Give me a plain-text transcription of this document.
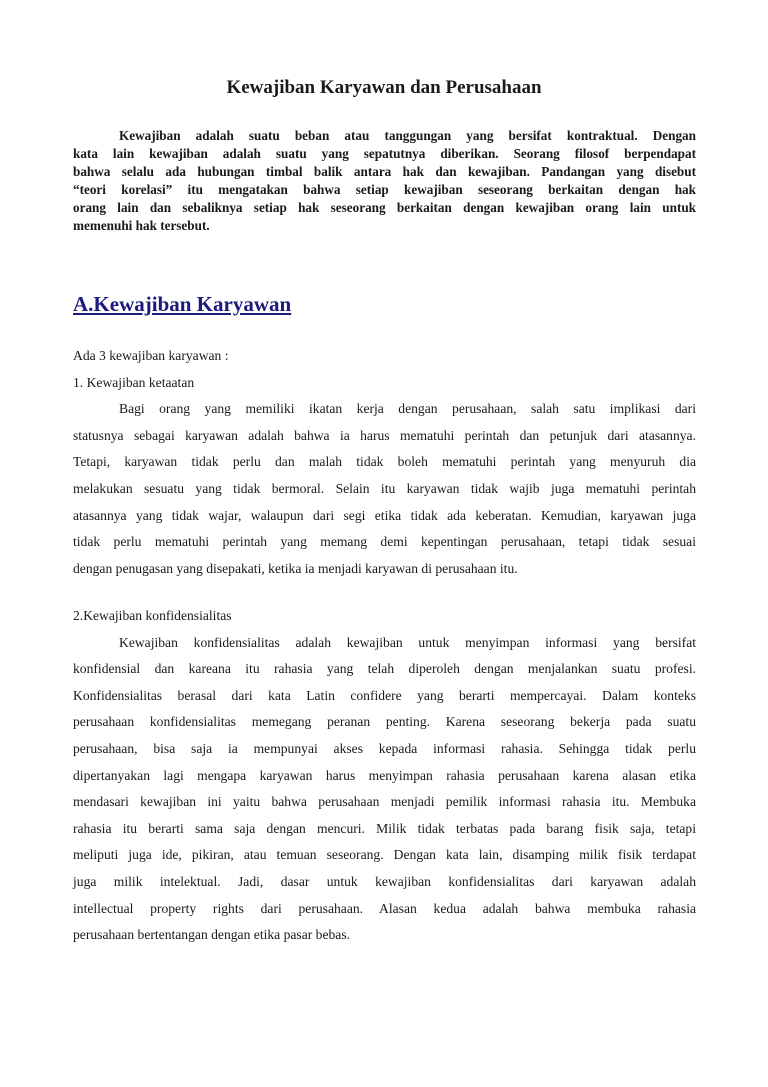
Kewajiban Karyawan dan Perusahaan
Kewajiban adalah suatu beban atau tanggungan yang bersifat kontraktual. Dengan
kata lain kewajiban adalah suatu yang sepatutnya diberikan. Seorang filosof berpendapat
bahwa selalu ada hubungan timbal balik antara hak dan kewajiban. Pandangan yang disebut
“teori korelasi” itu mengatakan bahwa setiap kewajiban seseorang berkaitan dengan hak
orang lain dan sebaliknya setiap hak seseorang berkaitan dengan kewajiban orang lain untuk
memenuhi hak tersebut.
A.Kewajiban Karyawan
Ada 3 kewajiban karyawan :
1. Kewajiban ketaatan
Bagi orang yang memiliki ikatan kerja dengan perusahaan, salah satu implikasi dari
statusnya sebagai karyawan adalah bahwa ia harus mematuhi perintah dan petunjuk dari atasannya.
Tetapi, karyawan tidak perlu dan malah tidak boleh mematuhi perintah yang menyuruh dia
melakukan sesuatu yang tidak bermoral. Selain itu karyawan tidak wajib juga mematuhi perintah
atasannya yang tidak wajar, walaupun dari segi etika tidak ada keberatan. Kemudian, karyawan juga
tidak perlu mematuhi perintah yang memang demi kepentingan perusahaan, tetapi tidak sesuai
dengan penugasan yang disepakati, ketika ia menjadi karyawan di perusahaan itu.
2.Kewajiban konfidensialitas
Kewajiban konfidensialitas adalah kewajiban untuk menyimpan informasi yang bersifat
konfidensial dan kareana itu rahasia yang telah diperoleh dengan menjalankan suatu profesi.
Konfidensialitas berasal dari kata Latin confidere yang berarti mempercayai. Dalam konteks
perusahaan konfidensialitas memegang peranan penting. Karena seseorang bekerja pada suatu
perusahaan, bisa saja ia mempunyai akses kepada informasi rahasia. Sehingga tidak perlu
dipertanyakan lagi mengapa karyawan harus menyimpan rahasia perusahaan karena alasan etika
mendasari kewajiban ini yaitu bahwa perusahaan menjadi pemilik informasi rahasia itu. Membuka
rahasia itu berarti sama saja dengan mencuri. Milik tidak terbatas pada barang fisik saja, tetapi
meliputi juga ide, pikiran, atau temuan seseorang. Dengan kata lain, disamping milik fisik terdapat
juga milik intelektual. Jadi, dasar untuk kewajiban konfidensialitas dari karyawan adalah
intellectual property rights dari perusahaan. Alasan kedua adalah bahwa membuka rahasia
perusahaan bertentangan dengan etika pasar bebas.
